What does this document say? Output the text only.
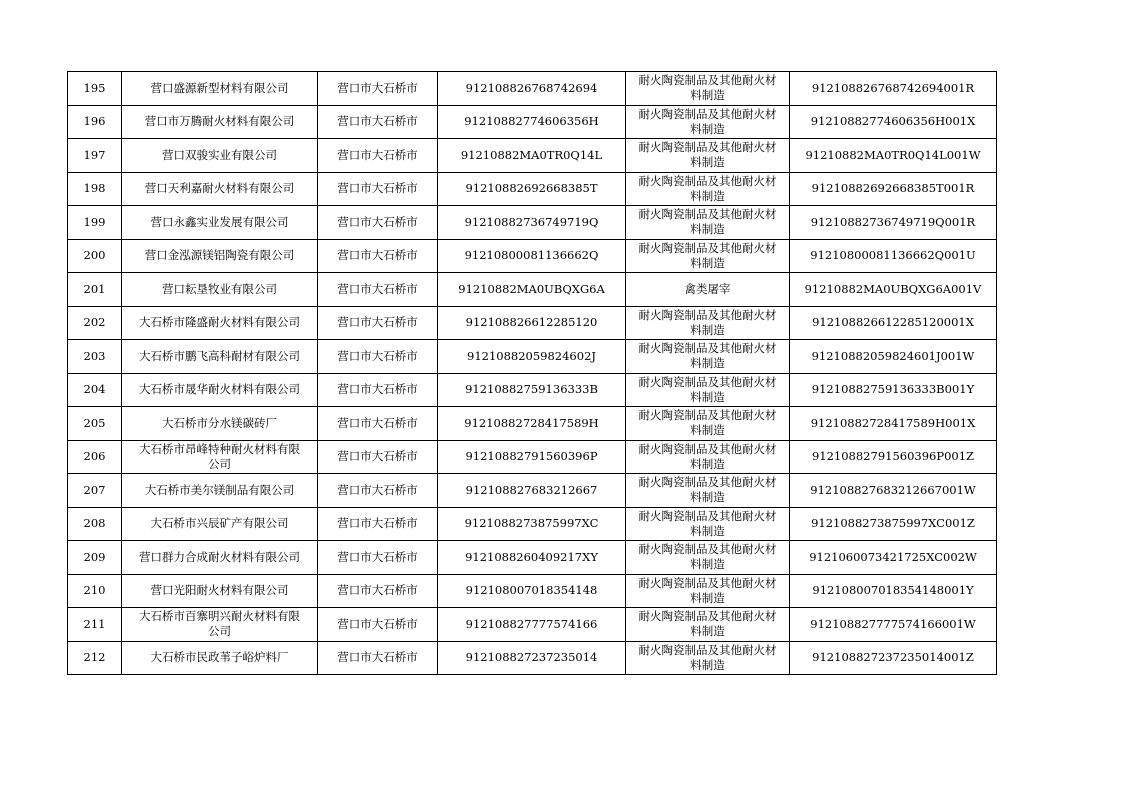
195	营口盛源新型材料有限公司	营口市大石桥市	912108826768742694	耐火陶瓷制品及其他耐火材料制造	912108826768742694001R
196	营口市万腾耐火材料有限公司	营口市大石桥市	91210882774606356H	耐火陶瓷制品及其他耐火材料制造	91210882774606356H001X
197	营口双骏实业有限公司	营口市大石桥市	91210882MA0TR0Q14L	耐火陶瓷制品及其他耐火材料制造	91210882MA0TR0Q14L001W
198	营口天利嘉耐火材料有限公司	营口市大石桥市	91210882692668385T	耐火陶瓷制品及其他耐火材料制造	91210882692668385T001R
199	营口永鑫实业发展有限公司	营口市大石桥市	91210882736749719Q	耐火陶瓷制品及其他耐火材料制造	91210882736749719Q001R
200	营口金泓源镁铝陶瓷有限公司	营口市大石桥市	91210800081136662Q	耐火陶瓷制品及其他耐火材料制造	91210800081136662Q001U
201	营口耘垦牧业有限公司	营口市大石桥市	91210882MA0UBQXG6A	禽类屠宰	91210882MA0UBQXG6A001V
202	大石桥市隆盛耐火材料有限公司	营口市大石桥市	912108826612285120	耐火陶瓷制品及其他耐火材料制造	912108826612285120001X
203	大石桥市鹏飞高科耐材有限公司	营口市大石桥市	91210882059824602J	耐火陶瓷制品及其他耐火材料制造	91210882059824601J001W
204	大石桥市晟华耐火材料有限公司	营口市大石桥市	91210882759136333B	耐火陶瓷制品及其他耐火材料制造	91210882759136333B001Y
205	大石桥市分水镁碳砖厂	营口市大石桥市	91210882728417589H	耐火陶瓷制品及其他耐火材料制造	91210882728417589H001X
206	大石桥市昂峰特种耐火材料有限公司	营口市大石桥市	91210882791560396P	耐火陶瓷制品及其他耐火材料制造	91210882791560396P001Z
207	大石桥市美尔镁制品有限公司	营口市大石桥市	912108827683212667	耐火陶瓷制品及其他耐火材料制造	912108827683212667001W
208	大石桥市兴辰矿产有限公司	营口市大石桥市	9121088273875997XC	耐火陶瓷制品及其他耐火材料制造	9121088273875997XC001Z
209	营口群力合成耐火材料有限公司	营口市大石桥市	9121088260409217XY	耐火陶瓷制品及其他耐火材料制造	9121060073421725XC002W
210	营口光阳耐火材料有限公司	营口市大石桥市	912108007018354148	耐火陶瓷制品及其他耐火材料制造	912108007018354148001Y
211	大石桥市百寨明兴耐火材料有限公司	营口市大石桥市	912108827777574166	耐火陶瓷制品及其他耐火材料制造	912108827777574166001W
212	大石桥市民政苇子峪炉料厂	营口市大石桥市	912108827237235014	耐火陶瓷制品及其他耐火材料制造	912108827237235014001Z
